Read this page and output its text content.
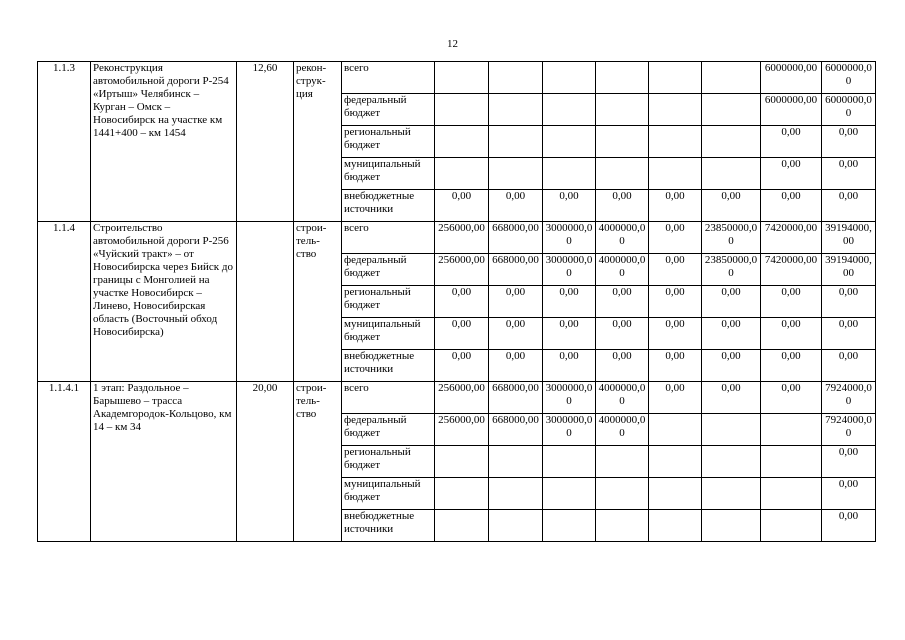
12
1.1.3	Реконструкция автомобильной дороги Р-254 «Иртыш» Челябинск – Курган – Омск – Новосибирск на участке км 1441+400 – км 1454	12,60	рекон-струк-ция	всего							6000000,00	6000000,00
				федеральный бюджет							6000000,00	6000000,00
				региональный бюджет							0,00	0,00
				муниципальный бюджет							0,00	0,00
				внебюджетные источники	0,00	0,00	0,00	0,00	0,00	0,00	0,00	0,00
1.1.4	Строительство автомобильной дороги Р-256 «Чуйский тракт» – от Новосибирска через Бийск до границы с Монголией на участке Новосибирск – Линево, Новосибирская область (Восточный обход Новосибирска)		строи-тель-ство	всего	256000,00	668000,00	3000000,00	4000000,00	0,00	23850000,00	7420000,00	39194000,00
				федеральный бюджет	256000,00	668000,00	3000000,00	4000000,00	0,00	23850000,00	7420000,00	39194000,00
				региональный бюджет	0,00	0,00	0,00	0,00	0,00	0,00	0,00	0,00
				муниципальный бюджет	0,00	0,00	0,00	0,00	0,00	0,00	0,00	0,00
				внебюджетные источники	0,00	0,00	0,00	0,00	0,00	0,00	0,00	0,00
1.1.4.1	1 этап: Раздольное – Барышево – трасса Академгородок-Кольцово, км 14 – км 34	20,00	строи-тель-ство	всего	256000,00	668000,00	3000000,00	4000000,00	0,00	0,00	0,00	7924000,00
				федеральный бюджет	256000,00	668000,00	3000000,00	4000000,00				7924000,00
				региональный бюджет								0,00
				муниципальный бюджет								0,00
				внебюджетные источники								0,00
